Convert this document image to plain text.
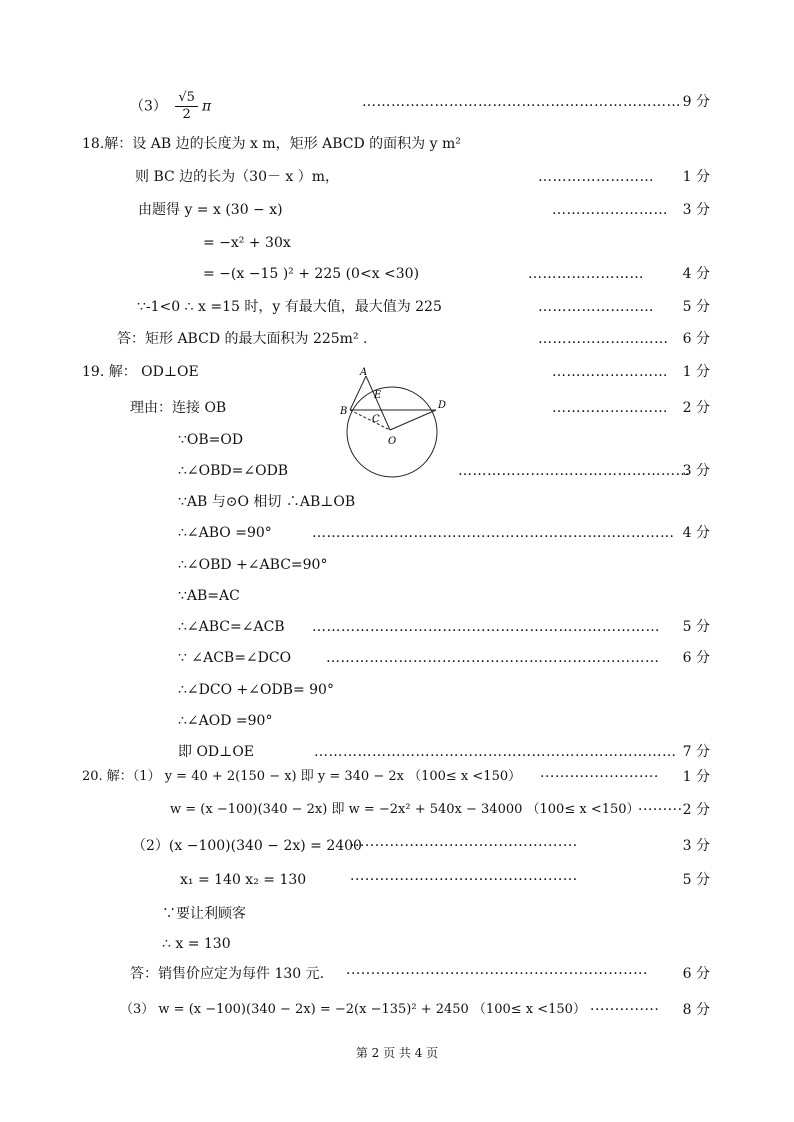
$(3) \frac{√5}{2}$ π	………………………………………………………… 9 分
18.解：设 AB 边的长度为 x m，矩形 ABCD 的面积为 y m²
则 BC 边的长为（30－ x ）m，	…………………… 1 分
由题得 y = x (30 − x)	…………………… 3 分
= −x² + 30x
= −(x −15 )² + 225 (0<x <30)	……………………	4 分
∵-1<0 ∴ x =15 时，y 有最大值，最大值为 225	…………………… 5 分
答：矩形 ABCD 的最大面积为 225m² .	……………………… 6 分
19. 解： OD⊥OE	…………………… 1 分
理由：连接 OB	…………………… 2 分
A
E
B
C
D
O
∵OB=OD
∴∠OBD=∠ODB	…………………………………………
3 分
∵AB 与⊙O 相切 ∴AB⊥OB
∴∠ABO =90°	………………………………………………………………… 4 分
∴∠OBD +∠ABC=90°
∵AB=AC
∴∠ABC=∠ACB ……………………………………………………………… 5 分
∵ ∠ACB=∠DCO …………………………………………………………… 6 分
∴∠DCO +∠ODB= 90°
∴∠AOD =90°
即 OD⊥OE	………………………………………………………………… 7 分
20. 解：（1） y = 40 + 2(150 − x) 即 y = 340 − 2x （100≤ x <150） ························ 1 分
w = (x −100)(340 − 2x) 即 w = −2x² + 540x − 34000 （100≤ x <150）
········· 2 分
（2）(x −100)(340 − 2x) = 2400
··············································	3 分
x₁ = 140 x₂ = 130	··············································	5 分
∵要让利顾客
∴ x = 130
答：销售价应定为每件 130 元. ····························································· 6 分
（3） w = (x −100)(340 − 2x) = −2(x −135)² + 2450 （100≤ x <150） ·············· 8 分
第 2 页 共 4 页
